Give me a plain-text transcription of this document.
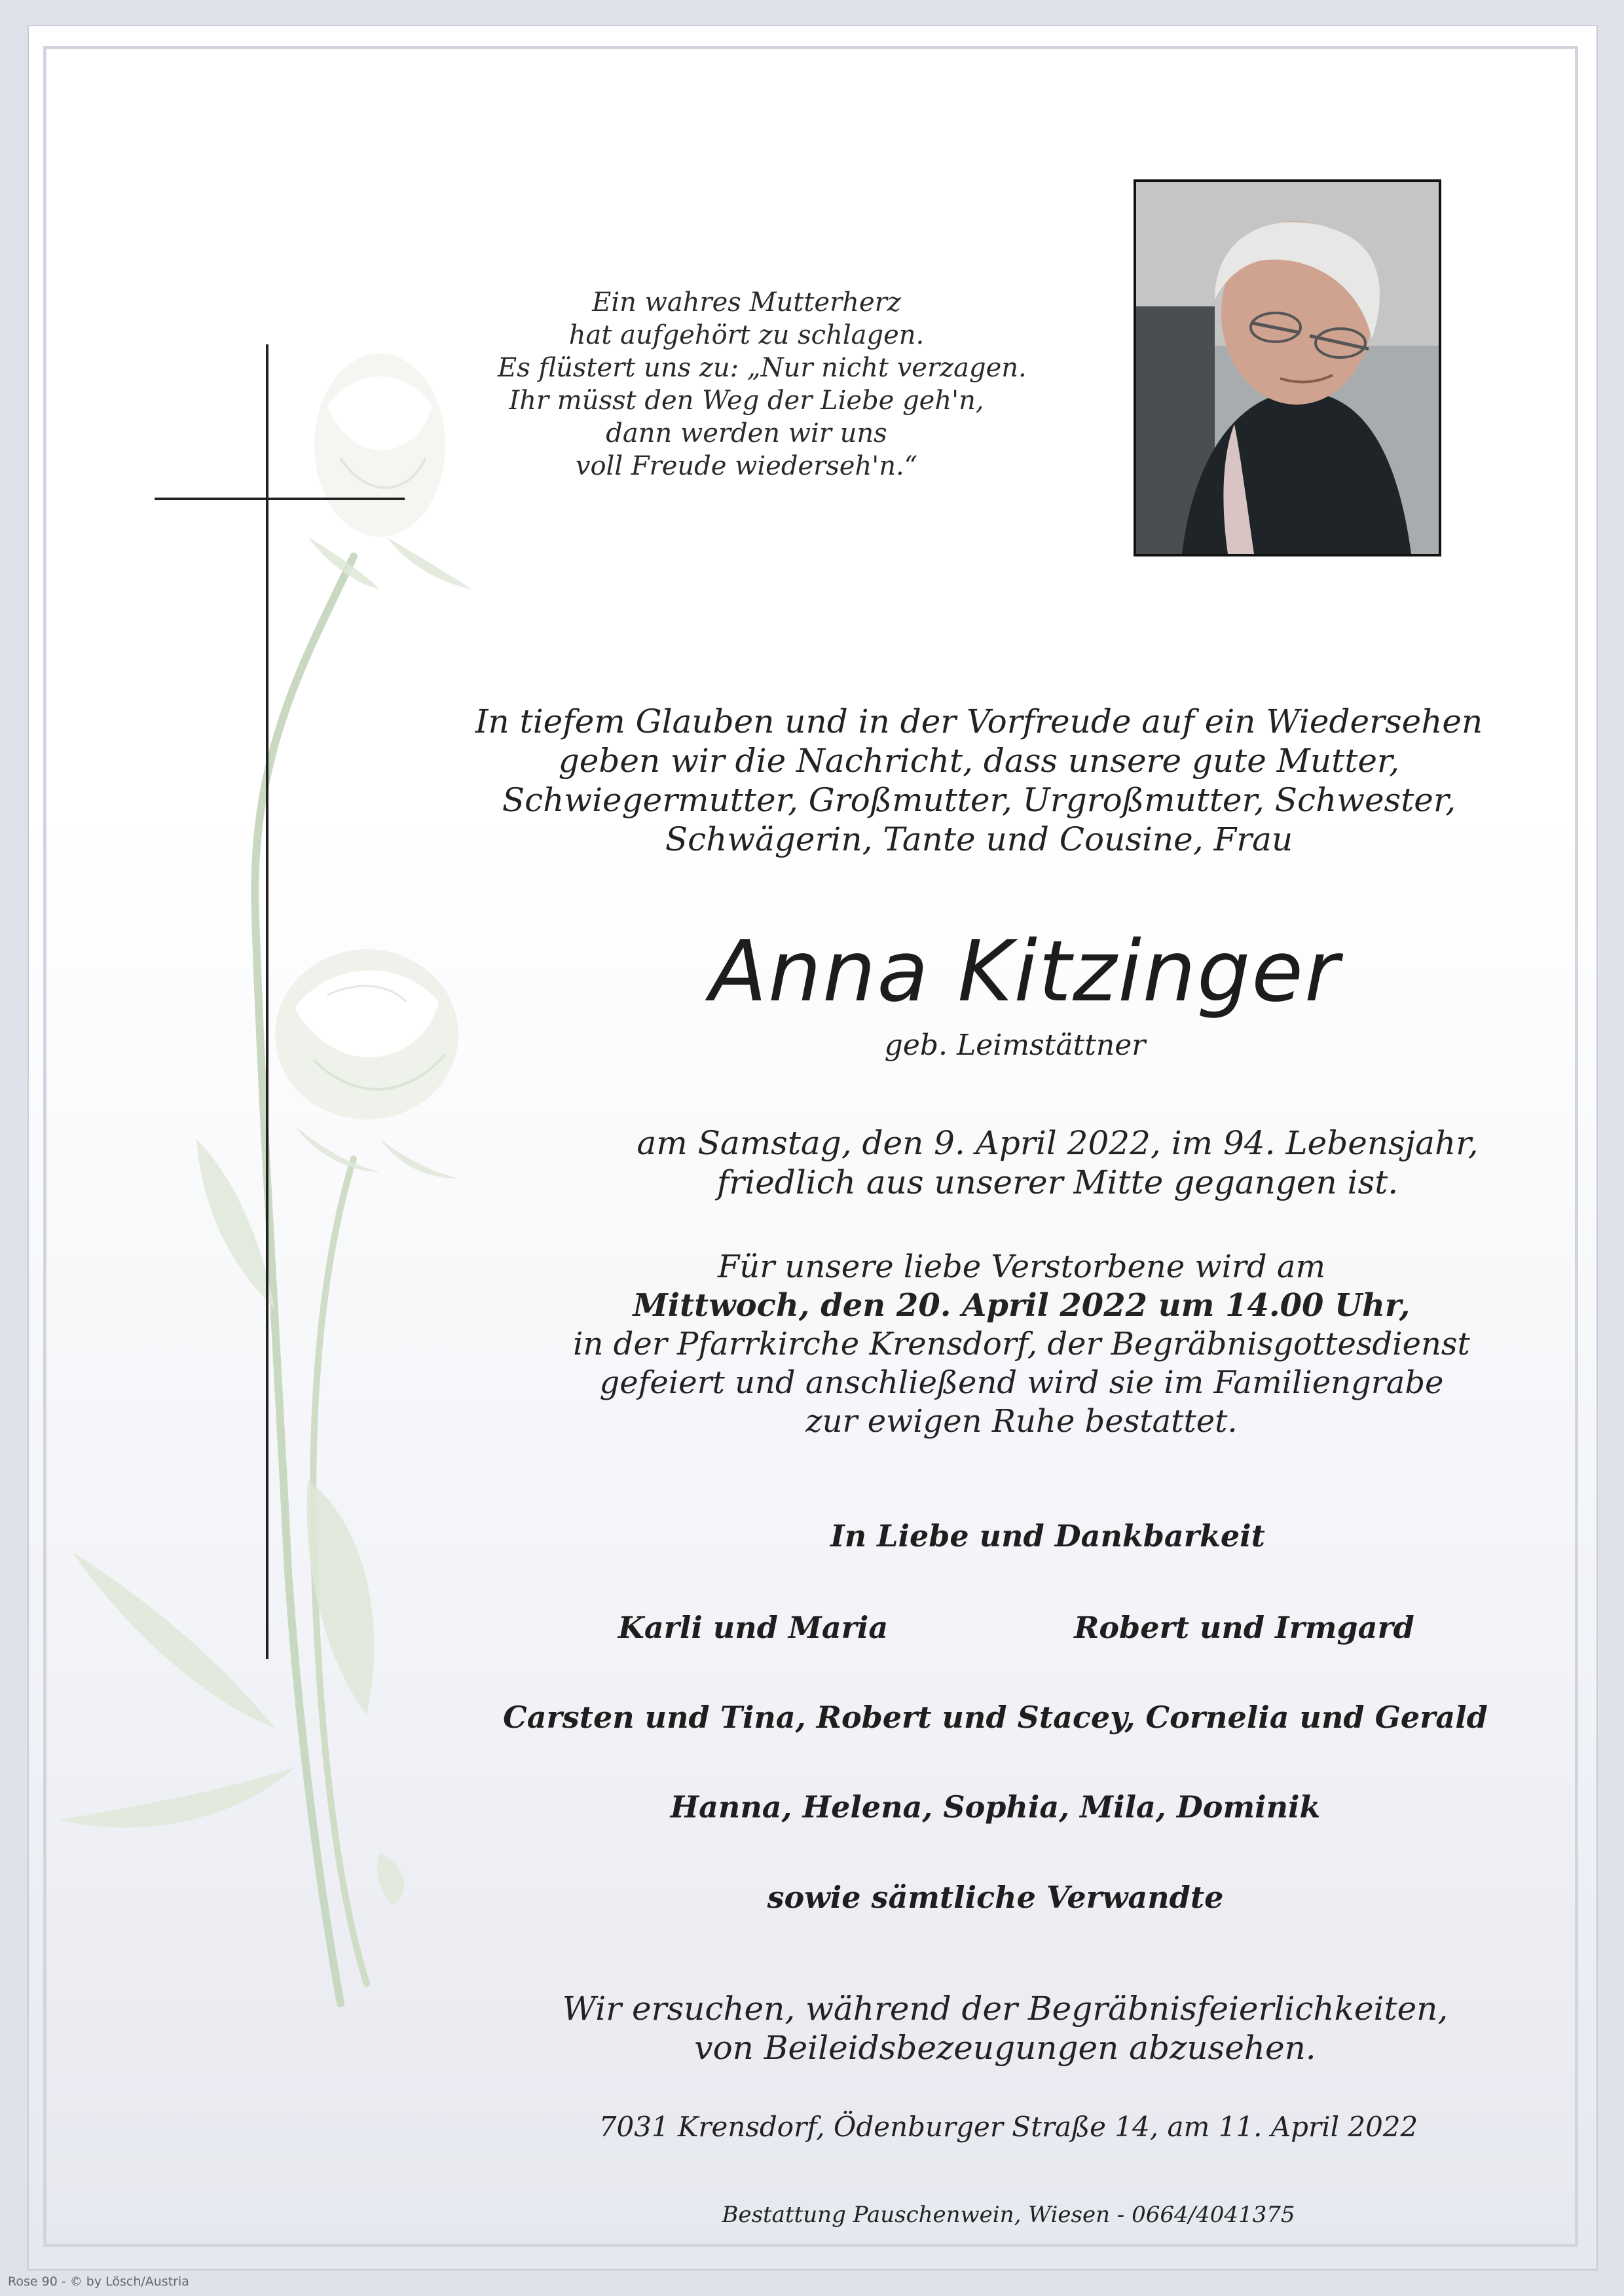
Ein wahres Mutterherz
hat aufgehört zu schlagen.
Es flüstert uns zu: „Nur nicht verzagen.
Ihr müsst den Weg der Liebe geh'n,
dann werden wir uns
voll Freude wiederseh'n.“
In tiefem Glauben und in der Vorfreude auf ein Wiedersehen
geben wir die Nachricht, dass unsere gute Mutter,
Schwiegermutter, Großmutter, Urgroßmutter, Schwester,
Schwägerin, Tante und Cousine, Frau
Anna Kitzinger
geb. Leimstättner
am Samstag, den 9. April 2022, im 94. Lebensjahr,
friedlich aus unserer Mitte gegangen ist.
Für unsere liebe Verstorbene wird am
Mittwoch, den 20. April 2022 um 14.00 Uhr,
in der Pfarrkirche Krensdorf, der Begräbnisgottesdienst
gefeiert und anschließend wird sie im Familiengrabe
zur ewigen Ruhe bestattet.
In Liebe und Dankbarkeit
Karli und Maria	Robert und Irmgard
Carsten und Tina, Robert und Stacey, Cornelia und Gerald
Hanna, Helena, Sophia, Mila, Dominik
sowie sämtliche Verwandte
Wir ersuchen, während der Begräbnisfeierlichkeiten,
von Beileidsbezeugungen abzusehen.
7031 Krensdorf, Ödenburger Straße 14, am 11. April 2022
Bestattung Pauschenwein, Wiesen - 0664/4041375
Rose 90 - © by Lösch/Austria
